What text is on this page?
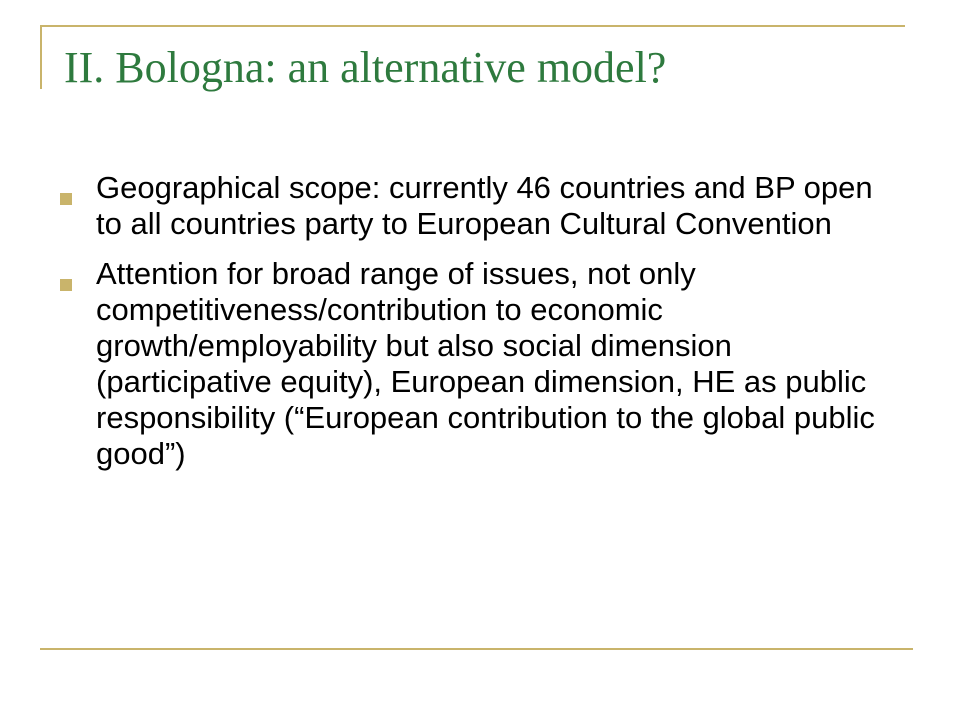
II. Bologna: an alternative model?
Geographical scope: currently 46 countries and BP open to all countries party to European Cultural Convention
Attention for broad range of issues, not only competitiveness/contribution to economic growth/employability but also social dimension (participative equity), European dimension, HE as public responsibility (“European contribution to the global public good”)
